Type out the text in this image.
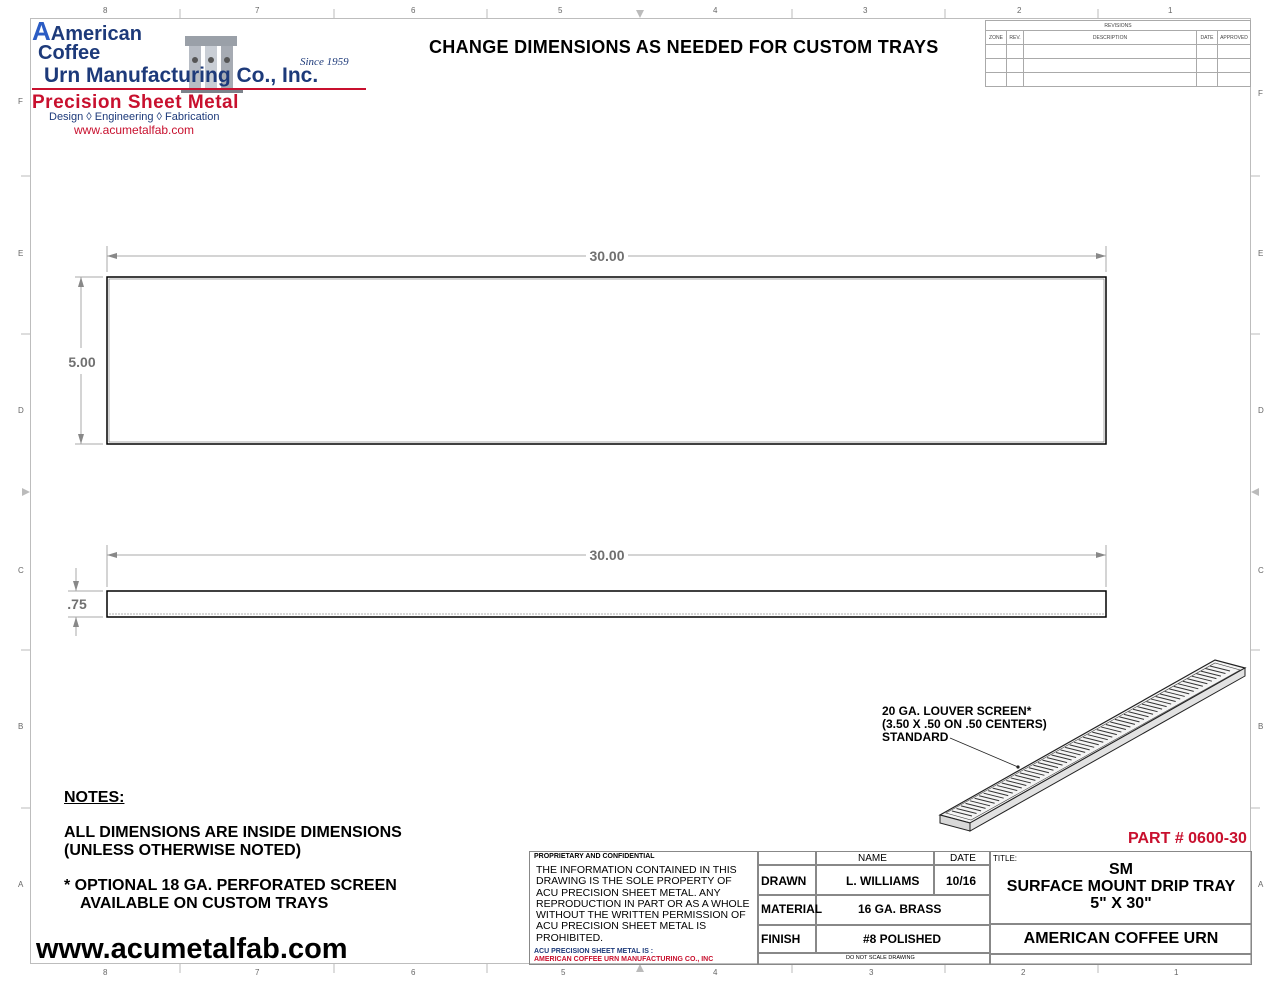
8	7	6	5	4	3	2	1
8	7	6	5	4	3	2	1
F
E
D
C
B
A
F
E
D
C
B
A
AAmerican
Coffee
Urn Manufacturing Co., Inc.
Since 1959
Precision Sheet Metal
Design ◊ Engineering ◊ Fabrication
www.acumetalfab.com
CHANGE DIMENSIONS AS NEEDED FOR CUSTOM TRAYS
REVISIONS				
ZONE	REV.	DESCRIPTION	DATE	APPROVED

30.00
5.00
30.00
.75
20 GA. LOUVER SCREEN*
(3.50 X .50 ON .50 CENTERS)
STANDARD
NOTES:
ALL DIMENSIONS ARE INSIDE DIMENSIONS
(UNLESS OTHERWISE NOTED)
* OPTIONAL 18 GA. PERFORATED SCREEN
AVAILABLE ON CUSTOM TRAYS
www.acumetalfab.com
PART # 0600-30
PROPRIETARY AND CONFIDENTIAL
THE INFORMATION CONTAINED IN THIS DRAWING IS THE SOLE PROPERTY OF ACU PRECISION SHEET METAL. ANY REPRODUCTION IN PART OR AS A WHOLE WITHOUT THE WRITTEN PERMISSION OF ACU PRECISION SHEET METAL IS PROHIBITED.
ACU PRECISION SHEET METAL IS :
AMERICAN COFFEE URN MANUFACTURING CO., INC
NAME	DATE
DRAWN	L. WILLIAMS 10/16
MATERIAL	16 GA. BRASS
FINISH	#8 POLISHED
DO NOT SCALE DRAWING
TITLE:
SM
SURFACE MOUNT DRIP TRAY
5" X 30"
AMERICAN COFFEE URN
